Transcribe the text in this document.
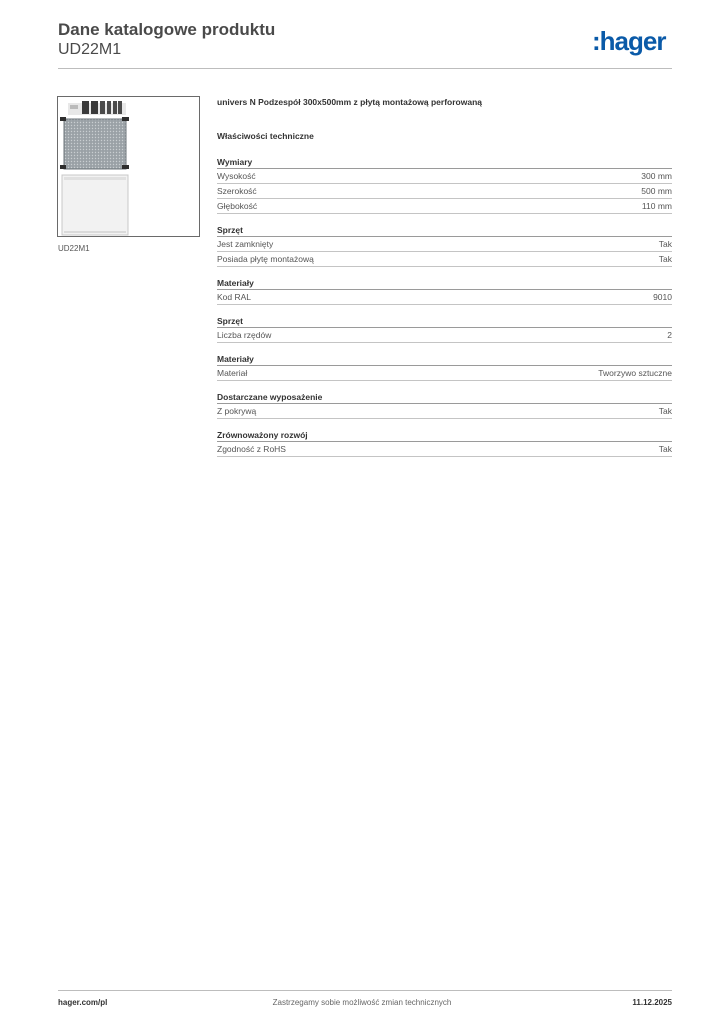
Dane katalogowe produktu
UD22M1	:hager
UD22M1
univers N Podzespół 300x500mm z płytą montażową perforowaną
Właściwości techniczne
Wymiary
Wysokość	300 mm
Szerokość	500 mm
Głębokość	110 mm
Sprzęt
Jest zamknięty	Tak
Posiada płytę montażową	Tak
Materiały
Kod RAL	9010
Sprzęt
Liczba rzędów	2
Materiały
Materiał	Tworzywo sztuczne
Dostarczane wyposażenie
Z pokrywą	Tak
Zrównoważony rozwój
Zgodność z RoHS	Tak
hager.com/pl	Zastrzegamy sobie możliwość zmian technicznych	11.12.2025
